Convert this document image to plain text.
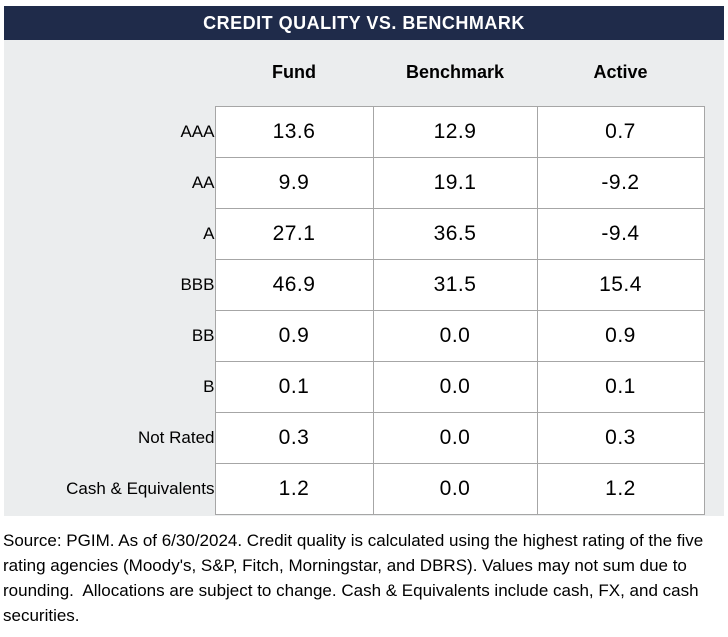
CREDIT QUALITY VS. BENCHMARK
	Fund	Benchmark	Active
AAA	13.6	12.9	0.7
AA	9.9	19.1	-9.2
A	27.1	36.5	-9.4
BBB	46.9	31.5	15.4
BB	0.9	0.0	0.9
B	0.1	0.0	0.1
Not Rated	0.3	0.0	0.3
Cash & Equivalents	1.2	0.0	1.2
Source: PGIM. As of 6/30/2024. Credit quality is calculated using the highest rating of the five rating agencies (Moody's, S&P, Fitch, Morningstar, and DBRS). Values may not sum due to rounding.  Allocations are subject to change. Cash & Equivalents include cash, FX, and cash securities.
